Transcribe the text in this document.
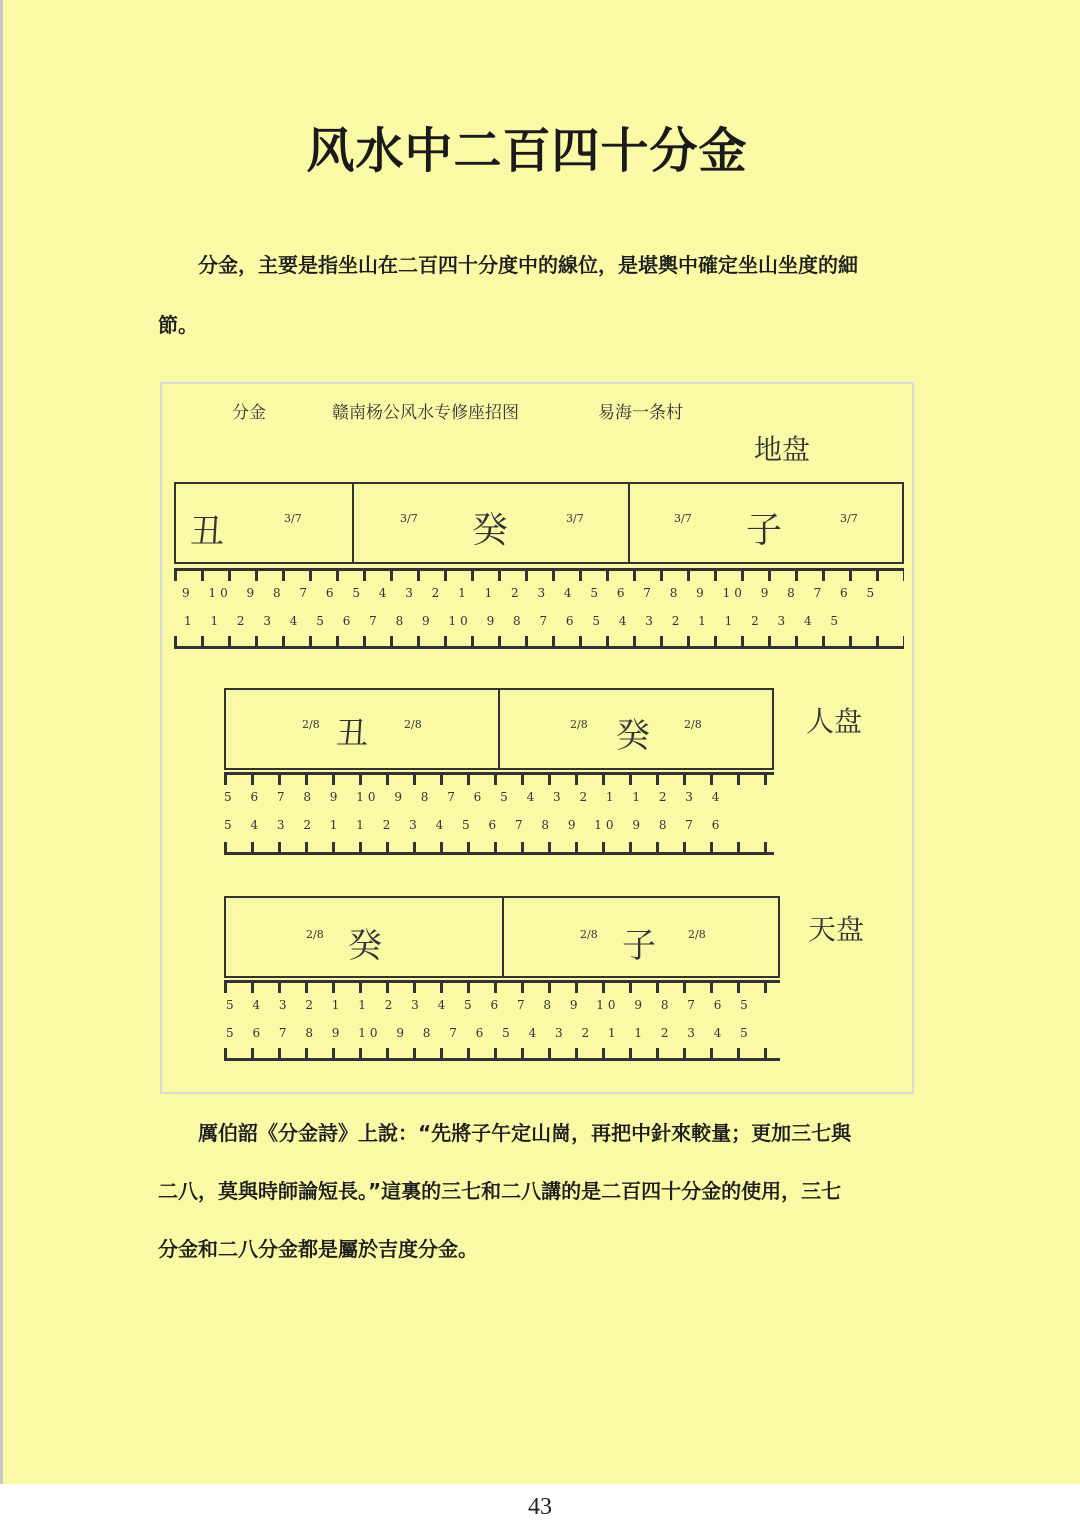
风水中二百四十分金
分金，主要是指坐山在二百四十分度中的線位，是堪輿中確定坐山坐度的細
節。
分金	赣南杨公风水专修座招图	易海一条村
地盘
人盘
天盘
丑	3/7	3/7 癸	3/7	3/7 子	3/7
9 10 9 8 7 6 5 4 3 2 1 1 2 3 4 5 6 7 8 9 10 9 8 7 6 5
1 1 2 3 4 5 6 7 8 9 10 9 8 7 6 5 4 3 2 1 1 2 3 4 5
2/8 丑	2/8	2/8 癸	2/8
5 6 7 8 9 10 9 8 7 6 5 4 3 2 1 1 2 3 4
5 4 3 2 1 1 2 3 4 5 6 7 8 9 10 9 8 7 6
2/8 癸	2/8 子	2/8
5 4 3 2 1 1 2 3 4 5 6 7 8 9 10 9 8 7 6 5
5 6 7 8 9 10 9 8 7 6 5 4 3 2 1 1 2 3 4 5
厲伯韶《分金詩》上說：“先將子午定山崗，再把中針來較量；更加三七與
二八，莫與時師論短長。”這裏的三七和二八講的是二百四十分金的使用，三七
分金和二八分金都是屬於吉度分金。
43
